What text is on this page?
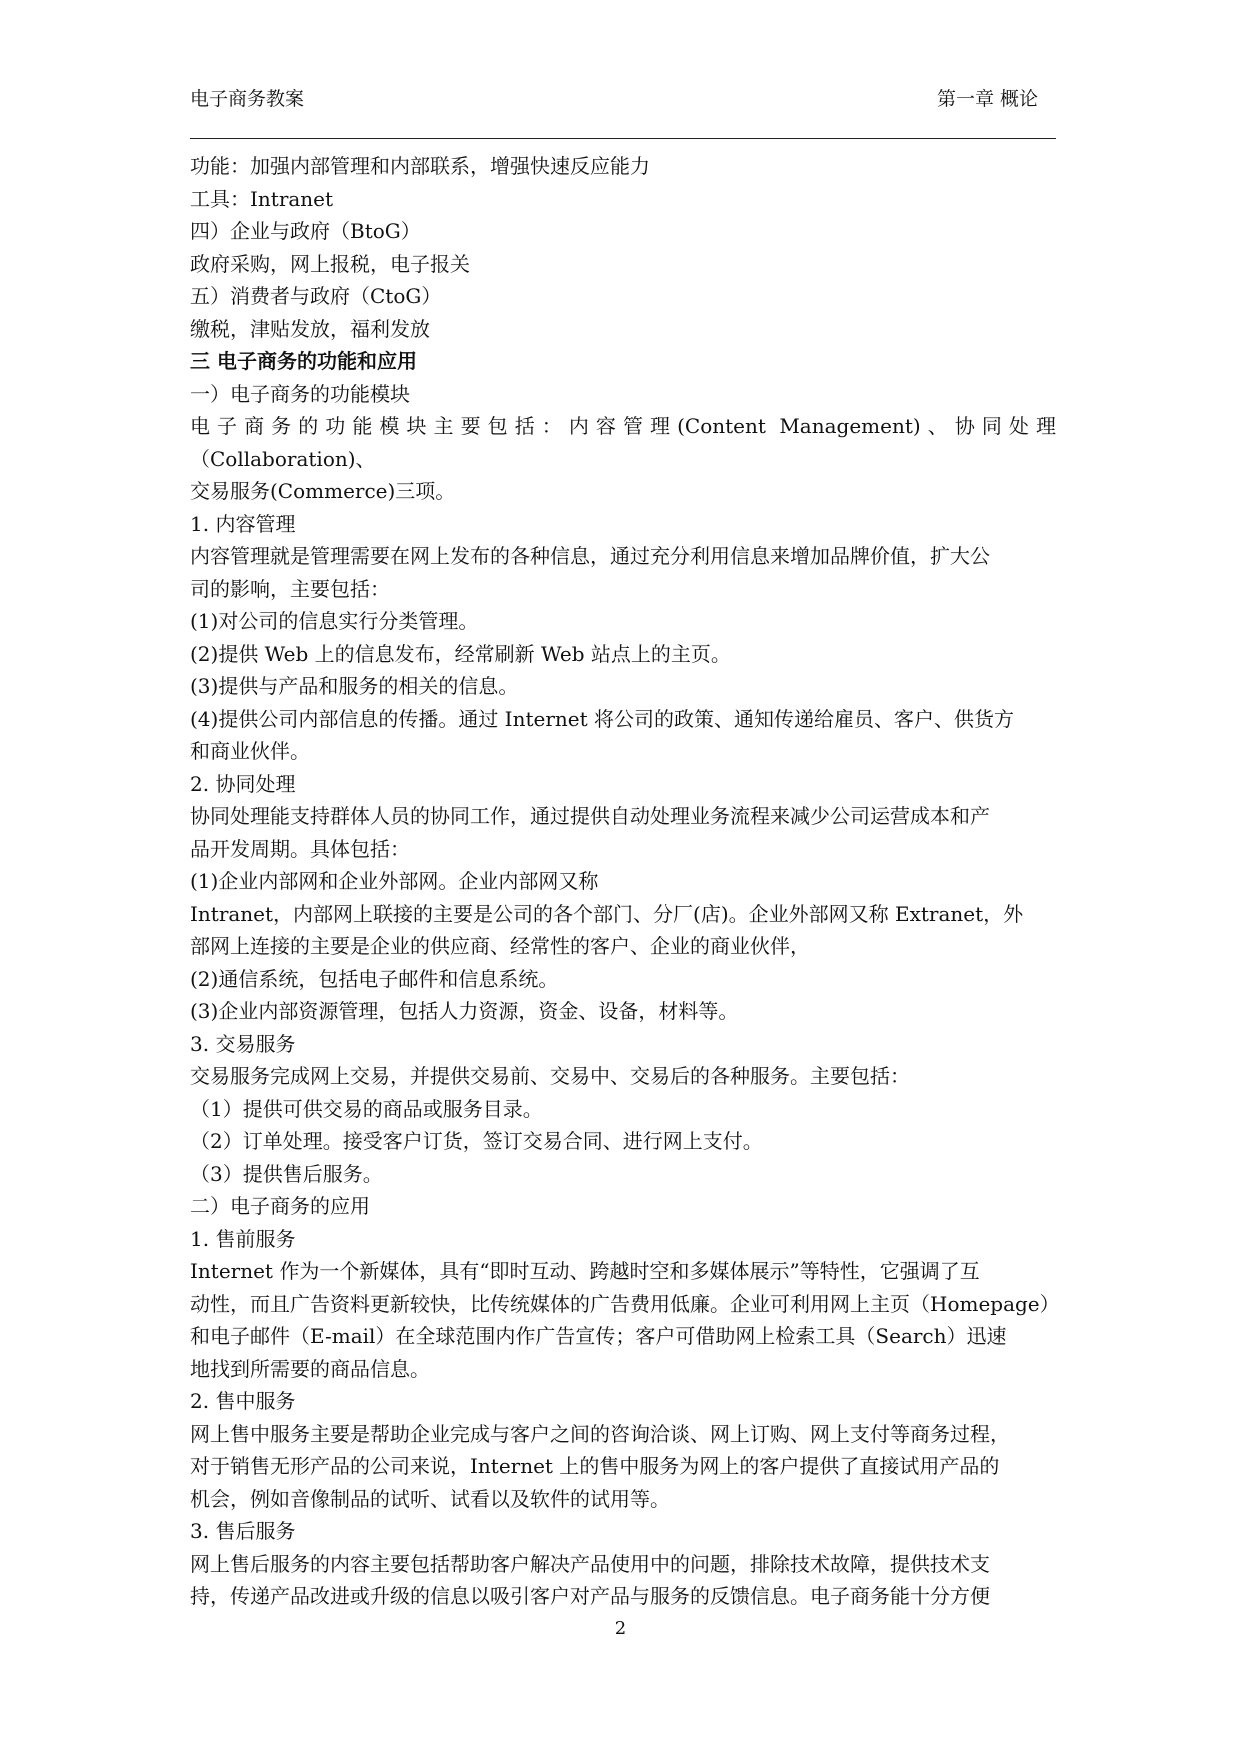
电子商务教案	第一章 概论

功能：加强内部管理和内部联系，增强快速反应能力

工具：Intranet

四）企业与政府（BtoG）

政府采购，网上报税，电子报关

五）消费者与政府（CtoG）

缴税，津贴发放，福利发放

三 电子商务的功能和应用

一）电子商务的功能模块

电子商务的功能模块主要包括：内容管理(Content Management)、协同处理（Collaboration)、

交易服务(Commerce)三项。

1. 内容管理

内容管理就是管理需要在网上发布的各种信息，通过充分利用信息来增加品牌价值，扩大公

司的影响，主要包括：

(1)对公司的信息实行分类管理。

(2)提供 Web 上的信息发布，经常刷新 Web 站点上的主页。

(3)提供与产品和服务的相关的信息。

(4)提供公司内部信息的传播。通过 Internet 将公司的政策、通知传递给雇员、客户、供货方

和商业伙伴。

2. 协同处理

协同处理能支持群体人员的协同工作，通过提供自动处理业务流程来减少公司运营成本和产

品开发周期。具体包括：

(1)企业内部网和企业外部网。企业内部网又称

Intranet，内部网上联接的主要是公司的各个部门、分厂(店)。企业外部网又称 Extranet，外

部网上连接的主要是企业的供应商、经常性的客户、企业的商业伙伴，

(2)通信系统，包括电子邮件和信息系统。

(3)企业内部资源管理，包括人力资源，资金、设备，材料等。

3. 交易服务

交易服务完成网上交易，并提供交易前、交易中、交易后的各种服务。主要包括：

（1）提供可供交易的商品或服务目录。

（2）订单处理。接受客户订货，签订交易合同、进行网上支付。

（3）提供售后服务。

二）电子商务的应用

1. 售前服务

Internet 作为一个新媒体，具有“即时互动、跨越时空和多媒体展示”等特性，它强调了互

动性，而且广告资料更新较快，比传统媒体的广告费用低廉。企业可利用网上主页（Homepage）

和电子邮件（E-mail）在全球范围内作广告宣传；客户可借助网上检索工具（Search）迅速

地找到所需要的商品信息。

2. 售中服务

网上售中服务主要是帮助企业完成与客户之间的咨询洽谈、网上订购、网上支付等商务过程，

对于销售无形产品的公司来说，Internet 上的售中服务为网上的客户提供了直接试用产品的

机会，例如音像制品的试听、试看以及软件的试用等。

3. 售后服务

网上售后服务的内容主要包括帮助客户解决产品使用中的问题，排除技术故障，提供技术支

持，传递产品改进或升级的信息以吸引客户对产品与服务的反馈信息。电子商务能十分方便

2
